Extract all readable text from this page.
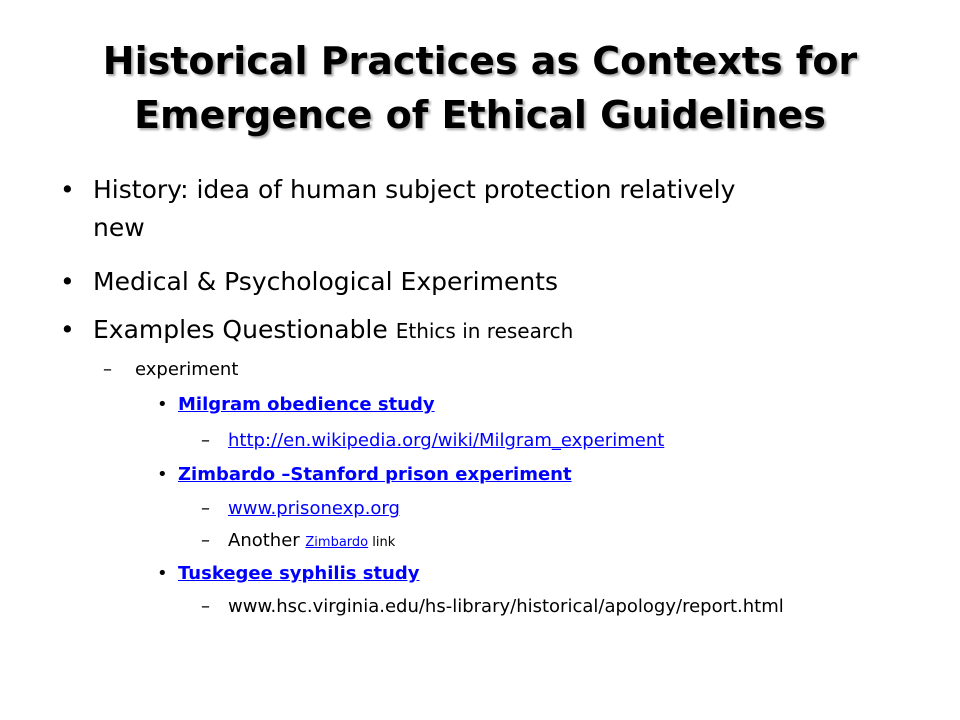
Historical Practices as Contexts for
Emergence of Ethical Guidelines
• History: idea of human subject protection relatively
new
• Medical & Psychological Experiments
• Examples Questionable Ethics in research
– experiment
• Milgram obedience study
– http://en.wikipedia.org/wiki/Milgram_experiment
• Zimbardo –Stanford prison experiment
– www.prisonexp.org
– Another Zimbardo link
• Tuskegee syphilis study
– www.hsc.virginia.edu/hs-library/historical/apology/report.html
